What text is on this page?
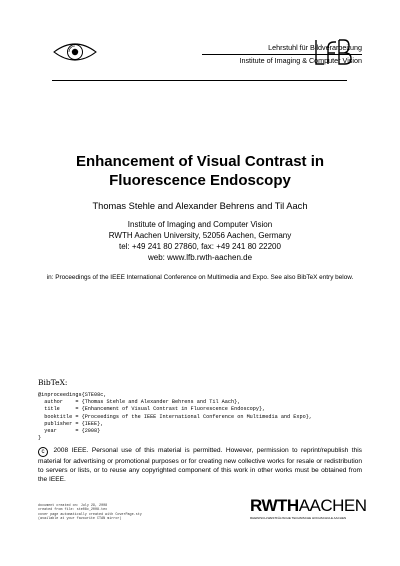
Lehrstuhl für Bildverarbeitung
Institute of Imaging & Computer Vision
LfB
Enhancement of Visual Contrast in
Fluorescence Endoscopy
Thomas Stehle and Alexander Behrens and Til Aach
Institute of Imaging and Computer Vision
RWTH Aachen University, 52056 Aachen, Germany
tel: +49 241 80 27860, fax: +49 241 80 22200
web: www.lfb.rwth-aachen.de
in: Proceedings of the IEEE International Conference on Multimedia and Expo. See also BibTeX entry below.
BibTeX:
@inproceedings{STE08c,
author    = {Thomas Stehle and Alexander Behrens and Til Aach},
title     = {Enhancement of Visual Contrast in Fluorescence Endoscopy},
booktitle = {Proceedings of the IEEE International Conference on Multimedia and Expo},
publisher = {IEEE},
year      = {2008}
}
c 2008 IEEE. Personal use of this material is permitted. However, permission to reprint/republish this material for advertising or promotional purposes or for creating new collective works for resale or redistribution to servers or lists, or to reuse any copyrighted component of this work in other works must be obtained from the IEEE.
document created on: July 29, 2008
created from file: ste08c_2008.tex
cover page automatically created with CoverPage.sty
(available at your favourite CTAN mirror)
RWTHAACHEN
RHEINISCH-WESTFÄLISCHE TECHNISCHE HOCHSCHULE AACHEN
